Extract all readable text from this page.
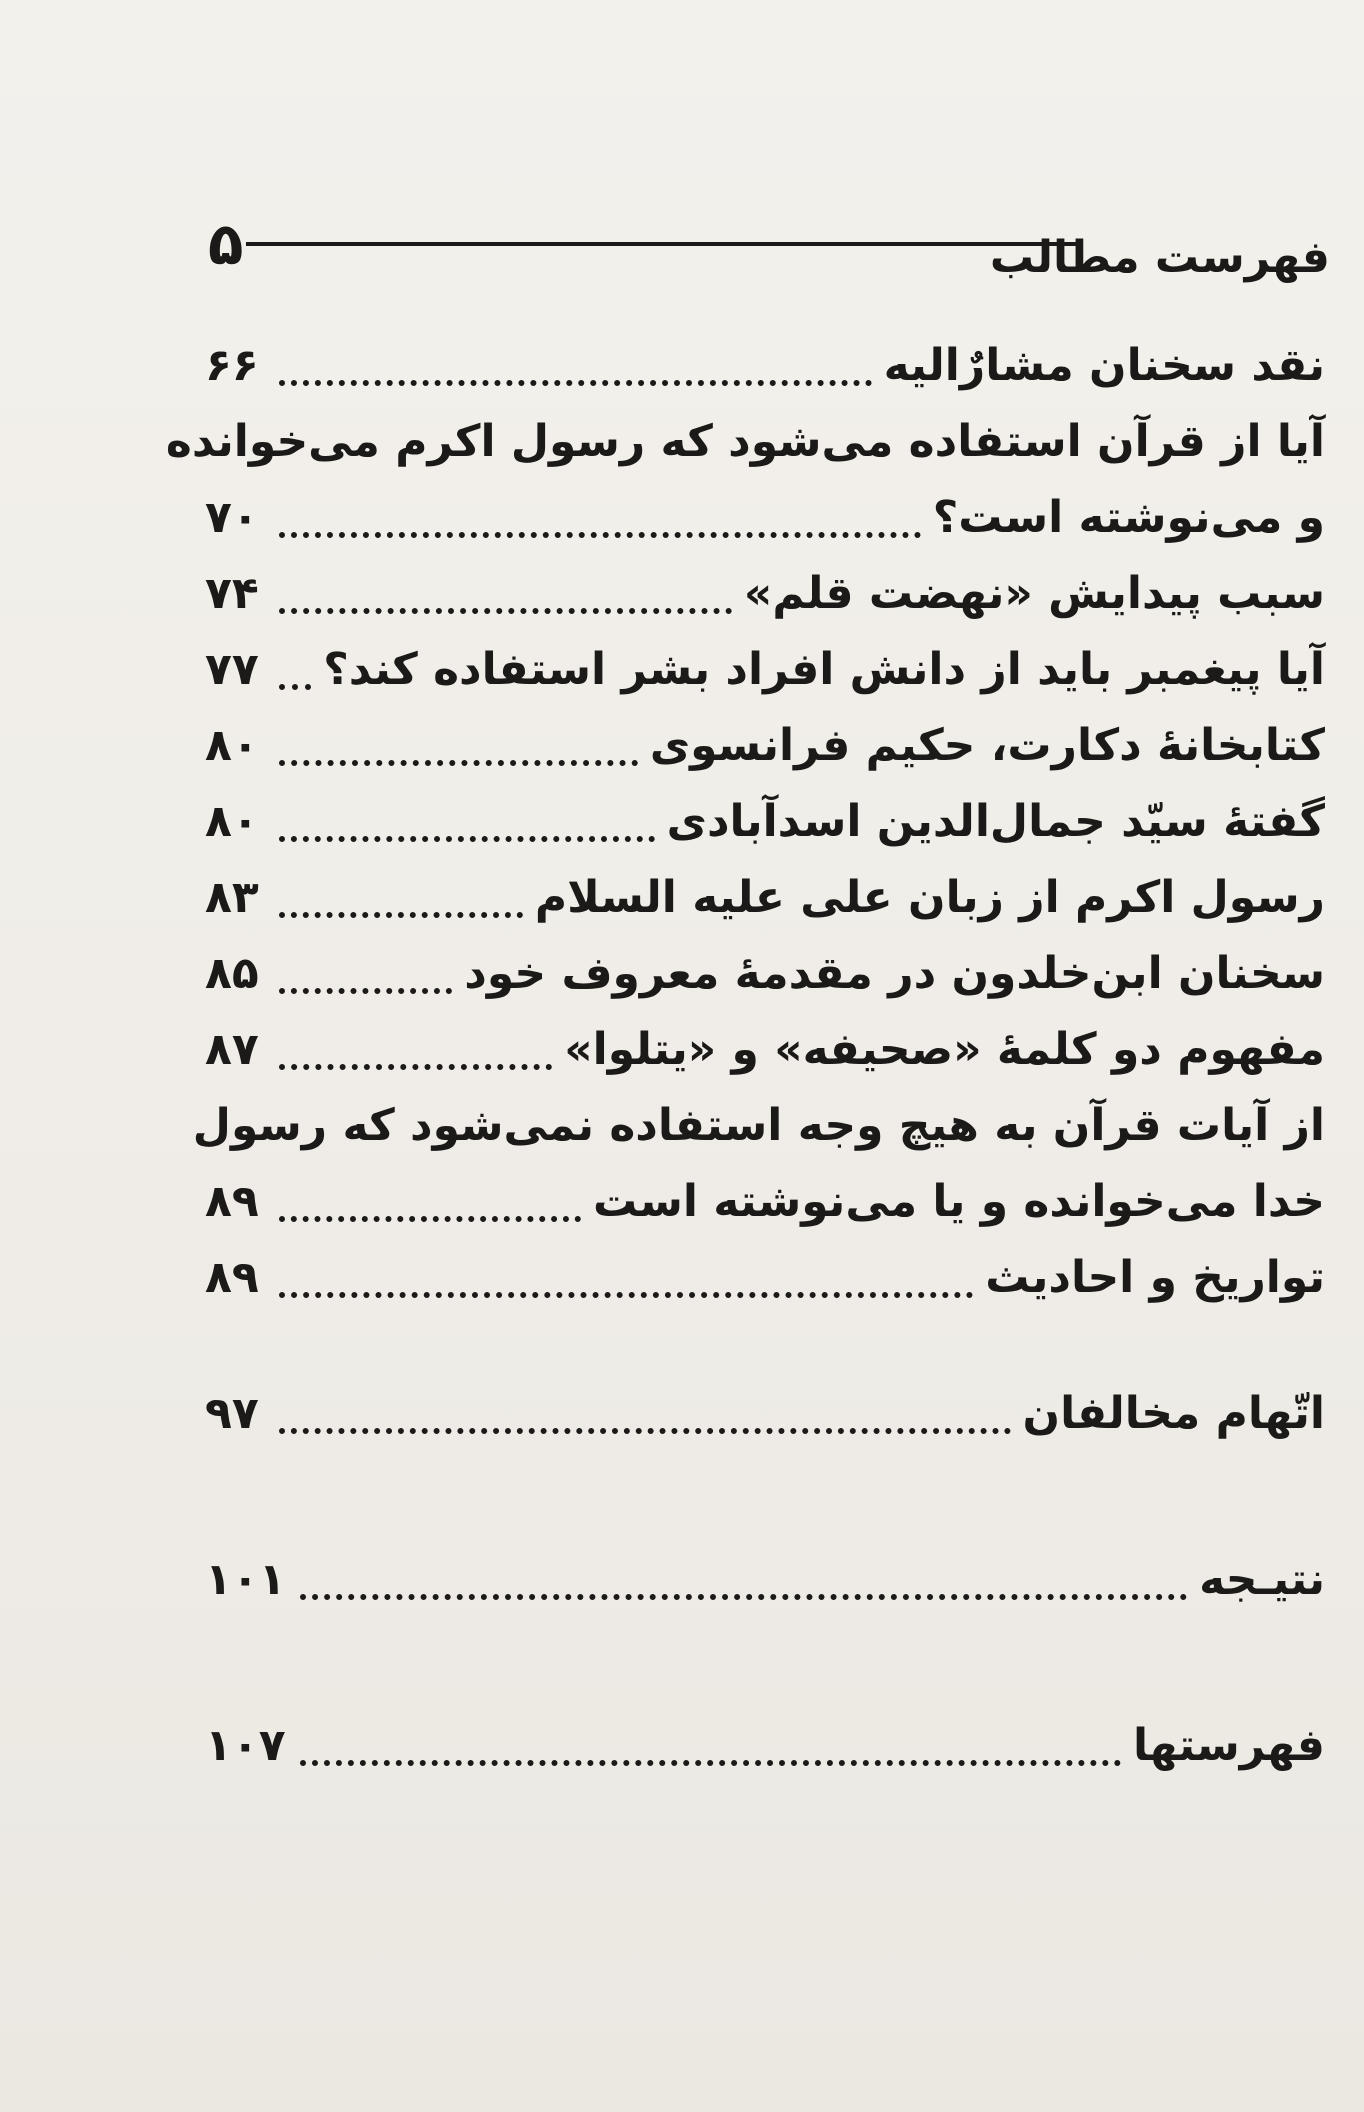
فهرست مطالب
۵
نقد سخنان مشارٌالیه
۶۶
آیا از قرآن استفاده می‌شود که رسول اکرم می‌خوانده
و می‌نوشته است؟
۷۰
سبب پیدایش «نهضت قلم»
۷۴
آیا پیغمبر باید از دانش افراد بشر استفاده کند؟
۷۷
کتابخانهٔ دکارت، حکیم فرانسوی
۸۰
گفتهٔ سیّد جمال‌الدین اسدآبادی
۸۰
رسول اکرم از زبان علی علیه السلام
۸۳
سخنان ابن‌خلدون در مقدمهٔ معروف خود
۸۵
مفهوم دو کلمهٔ «صحیفه» و «یتلوا»
۸۷
از آیات قرآن به هیچ وجه استفاده نمی‌شود که رسول
خدا می‌خوانده و یا می‌نوشته است
۸۹
تواریخ و احادیث
۸۹
اتّهام مخالفان
۹۷
نتیـجه
۱۰۱
فهرستها
۱۰۷
